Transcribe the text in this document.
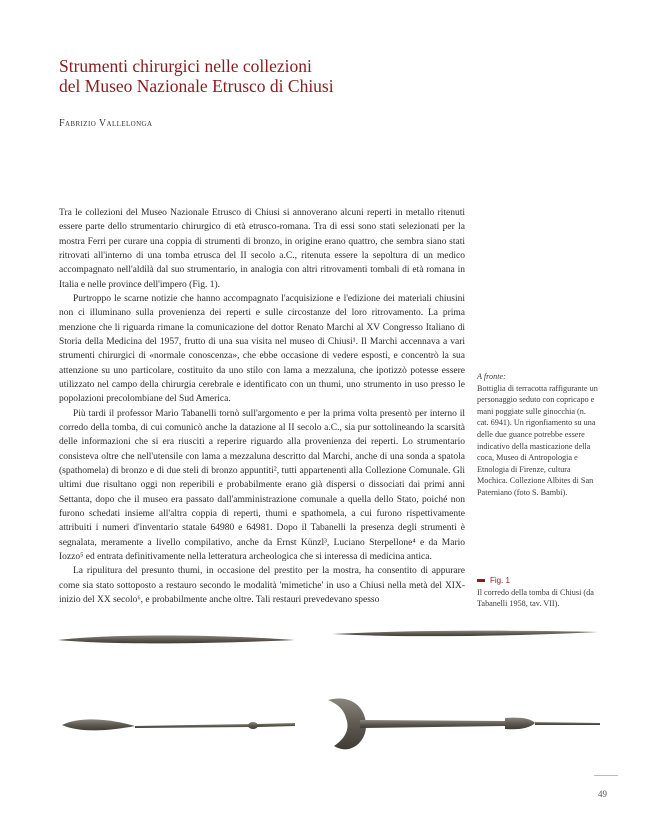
Strumenti chirurgici nelle collezioni
del Museo Nazionale Etrusco di Chiusi

Fabrizio Vallelonga

Tra le collezioni del Museo Nazionale Etrusco di Chiusi si annoverano alcuni reperti in metallo ritenuti essere parte dello strumentario chirurgico di età etrusco-romana. Tra di essi sono stati selezionati per la mostra Ferri per curare una coppia di strumenti di bronzo, in origine erano quattro, che sembra siano stati ritrovati all'interno di una tomba etrusca del II secolo a.C., ritenuta essere la sepoltura di un medico accompagnato nell'aldilà dal suo strumentario, in analogia con altri ritrovamenti tombali di età romana in Italia e nelle province dell'impero (Fig. 1).

Purtroppo le scarne notizie che hanno accompagnato l'acquisizione e l'edizione dei materiali chiusini non ci illuminano sulla provenienza dei reperti e sulle circostanze del loro ritrovamento. La prima menzione che li riguarda rimane la comunicazione del dottor Renato Marchi al XV Congresso Italiano di Storia della Medicina del 1957, frutto di una sua visita nel museo di Chiusi¹. Il Marchi accennava a vari strumenti chirurgici di «normale conoscenza», che ebbe occasione di vedere esposti, e concentrò la sua attenzione su uno particolare, costituito da uno stilo con lama a mezzaluna, che ipotizzò potesse essere utilizzato nel campo della chirurgia cerebrale e identificato con un thumi, uno strumento in uso presso le popolazioni precolombiane del Sud America.

Più tardi il professor Mario Tabanelli tornò sull'argomento e per la prima volta presentò per interno il corredo della tomba, di cui comunicò anche la datazione al II secolo a.C., sia pur sottolineando la scarsità delle informazioni che si era riusciti a reperire riguardo alla provenienza dei reperti. Lo strumentario consisteva oltre che nell'utensile con lama a mezzaluna descritto dal Marchi, anche di una sonda a spatola (spathomela) di bronzo e di due steli di bronzo appuntiti², tutti appartenenti alla Collezione Comunale. Gli ultimi due risultano oggi non reperibili e probabilmente erano già dispersi o dissociati dai primi anni Settanta, dopo che il museo era passato dall'amministrazione comunale a quella dello Stato, poiché non furono schedati insieme all'altra coppia di reperti, thumi e spathomela, a cui furono rispettivamente attribuiti i numeri d'inventario statale 64980 e 64981. Dopo il Tabanelli la presenza degli strumenti è segnalata, meramente a livello compilativo, anche da Ernst Künzl³, Luciano Sterpellone⁴ e da Mario Iozzo⁵ ed entrata definitivamente nella letteratura archeologica che si interessa di medicina antica.

La ripulitura del presunto thumi, in occasione del prestito per la mostra, ha consentito di appurare come sia stato sottoposto a restauro secondo le modalità 'mimetiche' in uso a Chiusi nella metà del XIX-inizio del XX secolo⁶, e probabilmente anche oltre. Tali restauri prevedevano spesso

A fronte:
Bottiglia di terracotta raffigurante un personaggio seduto con copricapo e mani poggiate sulle ginocchia (n. cat. 6941). Un rigonfiamento su una delle due guance potrebbe essere indicativo della masticazione della coca, Museo di Antropologia e Etnologia di Firenze, cultura Mochica. Collezione Albites di San Paterniano (foto S. Bambi).
Fig. 1
Il corredo della tomba di Chiusi (da Tabanelli 1958, tav. VII).
49
